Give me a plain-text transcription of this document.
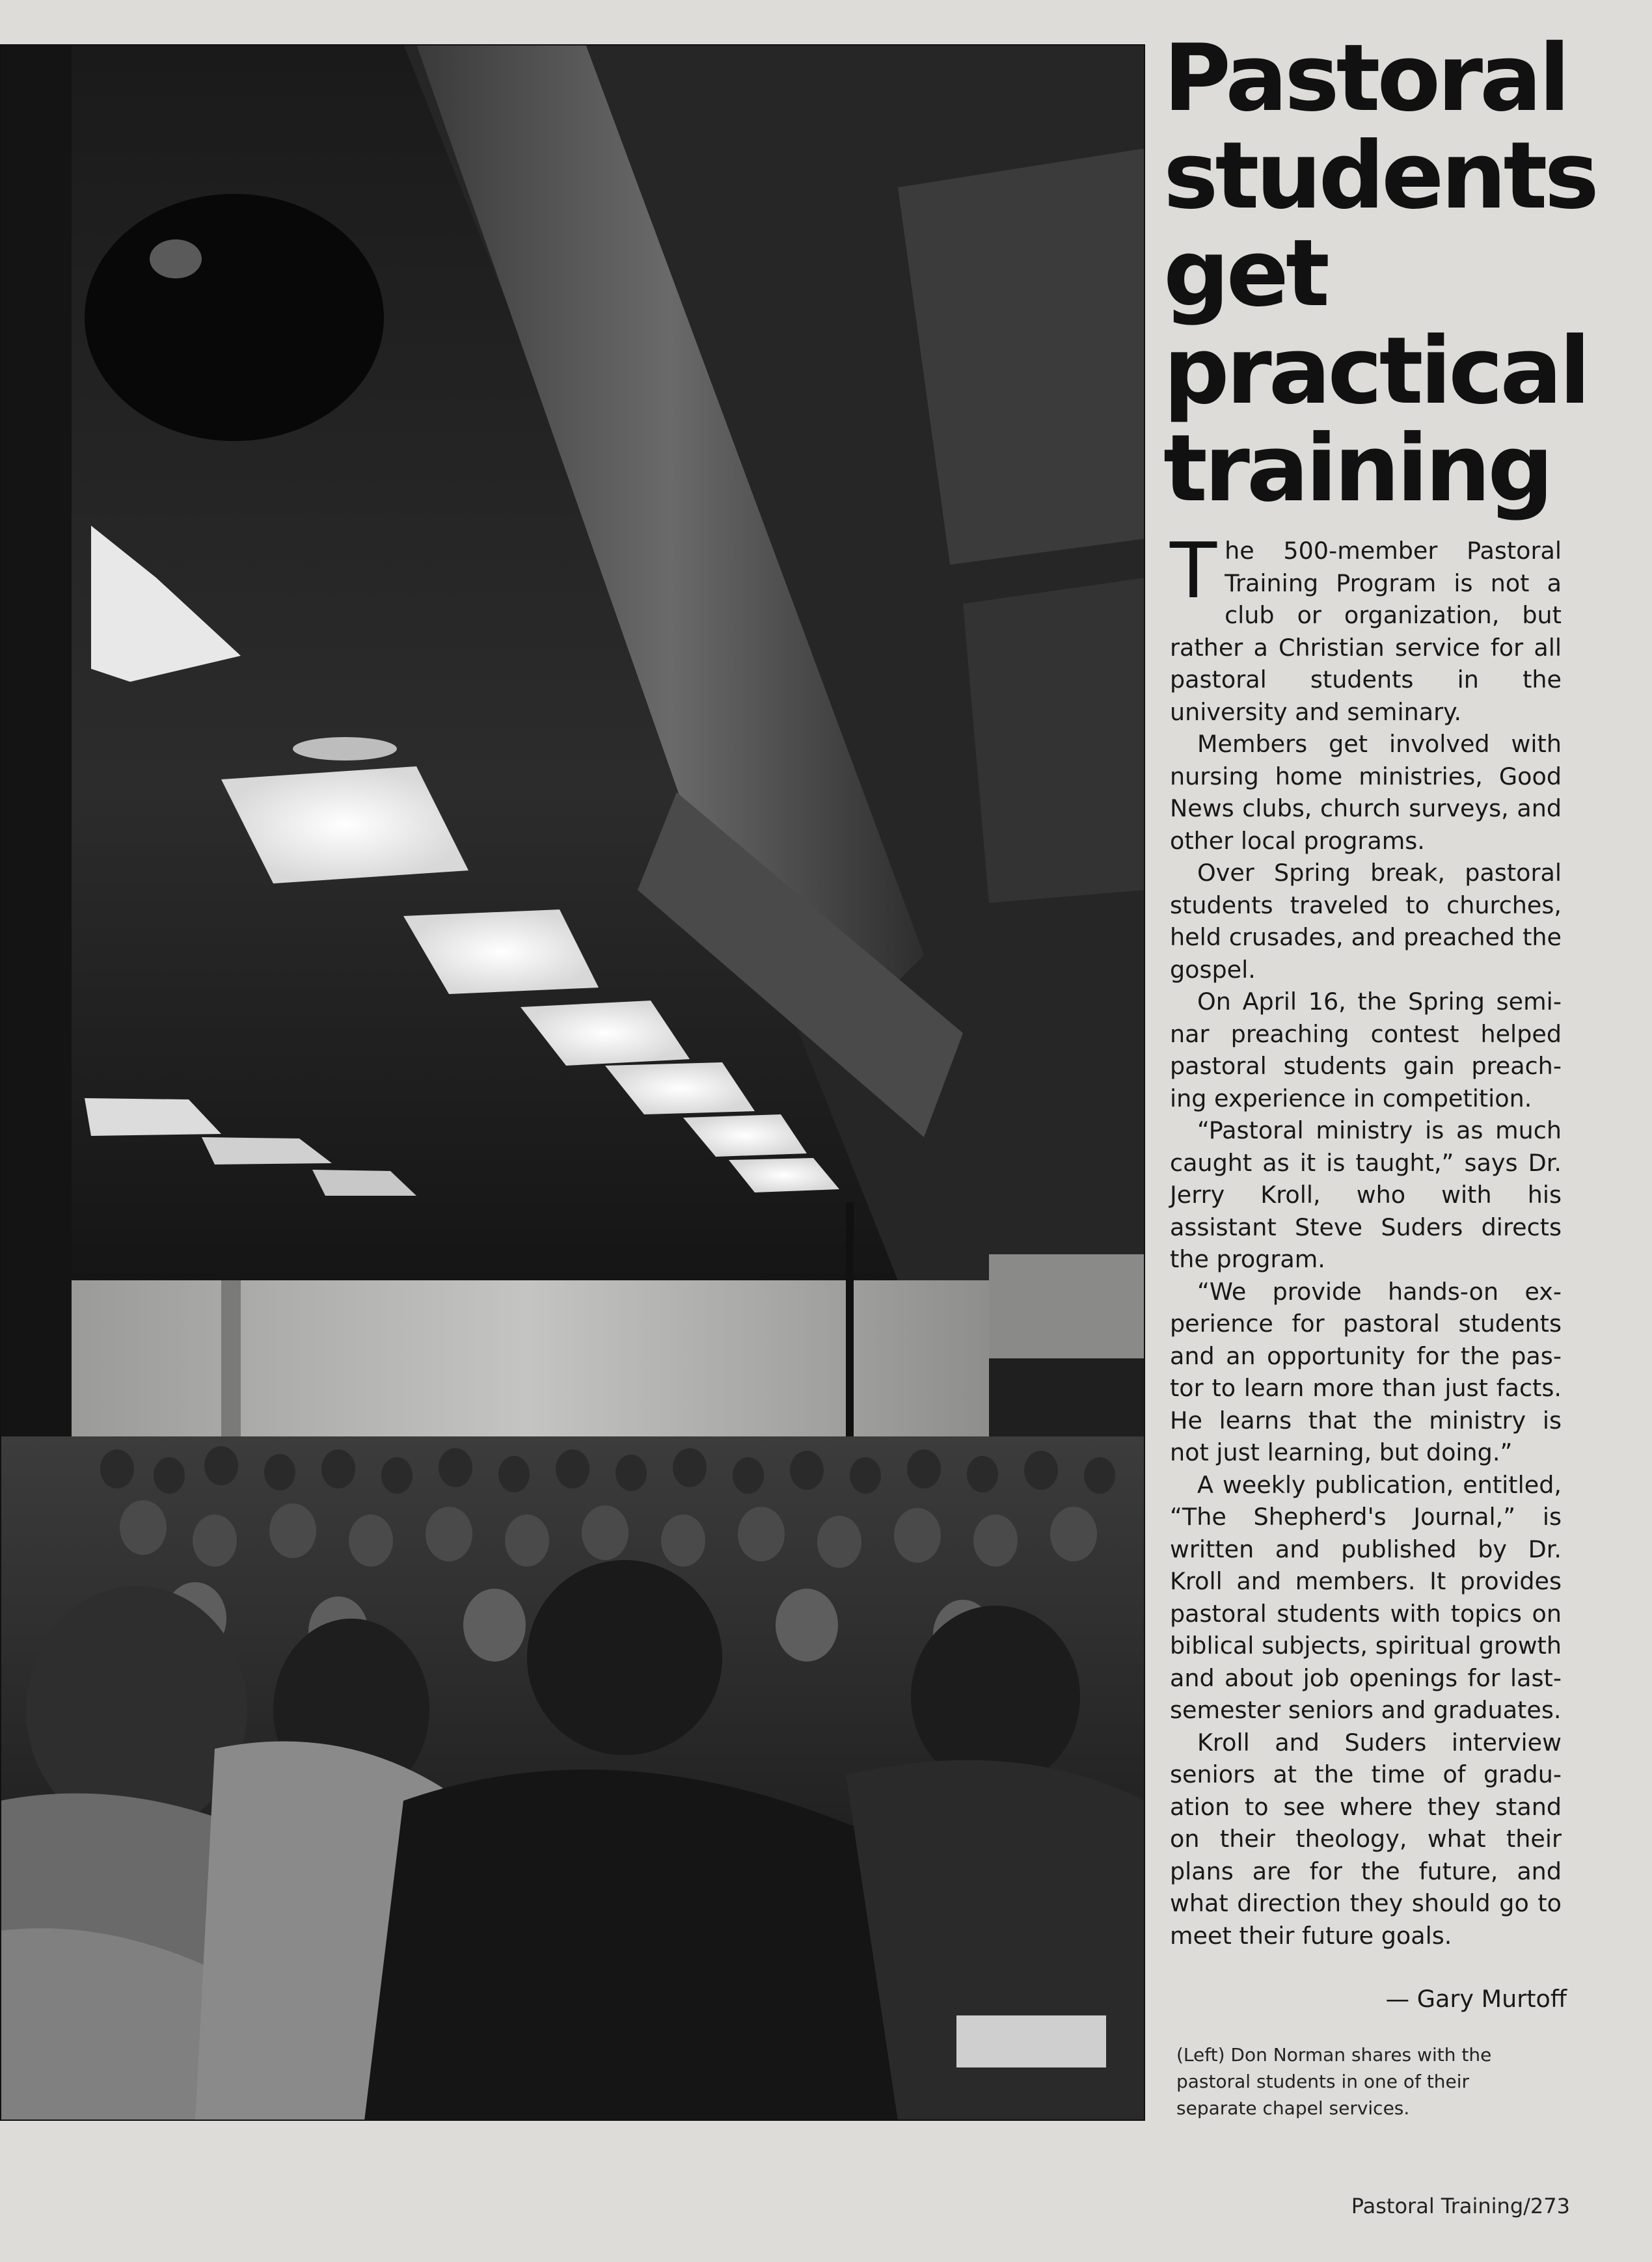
Pastoral
students
get
practical
training

The 500-member Pastoral Training Program is not a club or organization, but rather a Christian service for all pastoral students in the university and seminary.

Members get involved with nursing home ministries, Good News clubs, church surveys, and other local programs.

Over Spring break, pastoral students traveled to churches, held crusades, and preached the gospel.

On April 16, the Spring seminar preaching contest helped pastoral students gain preaching experience in competition.

“Pastoral ministry is as much caught as it is taught,” says Dr. Jerry Kroll, who with his assistant Steve Suders directs the program.

“We provide hands-on experience for pastoral students and an opportunity for the pastor to learn more than just facts. He learns that the ministry is not just learning, but doing.”

A weekly publication, entitled, “The Shepherd's Journal,” is written and published by Dr. Kroll and members. It provides pastoral students with topics on biblical subjects, spiritual growth and about job openings for last-semester seniors and graduates.

Kroll and Suders interview seniors at the time of graduation to see where they stand on their theology, what their plans are for the future, and what direction they should go to meet their future goals.

— Gary Murtoff
(Left) Don Norman shares with the pastoral students in one of their separate chapel services.
Pastoral Training/273
